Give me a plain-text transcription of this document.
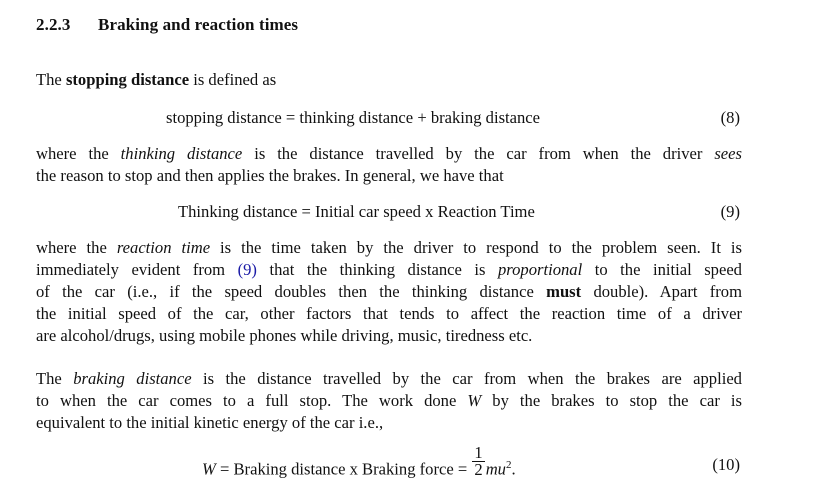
2.2.3 Braking and reaction times
The stopping distance is defined as
stopping distance = thinking distance + braking distance	(8)
where the thinking distance is the distance travelled by the car from when the driver sees
the reason to stop and then applies the brakes. In general, we have that
Thinking distance = Initial car speed x Reaction Time	(9)
where the reaction time is the time taken by the driver to respond to the problem seen. It is
immediately evident from (9) that the thinking distance is proportional to the initial speed
of the car (i.e., if the speed doubles then the thinking distance must double). Apart from
the initial speed of the car, other factors that tends to affect the reaction time of a driver
are alcohol/drugs, using mobile phones while driving, music, tiredness etc.
The braking distance is the distance travelled by the car from when the brakes are applied
to when the car comes to a full stop. The work done W by the brakes to stop the car is
equivalent to the initial kinetic energy of the car i.e.,
W = Braking distance x Braking force = $\frac{1}{2} mu^2$.	(10)
